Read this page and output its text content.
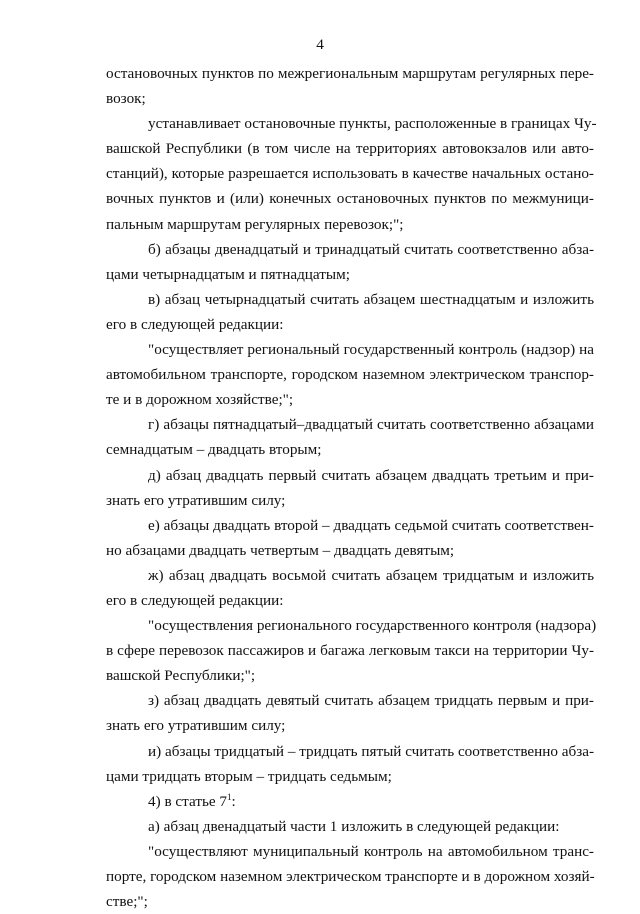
4
остановочных пунктов по межрегиональным маршрутам регулярных пере-
возок;
устанавливает остановочные пункты, расположенные в границах Чу-
вашской Республики (в том числе на территориях автовокзалов или авто-
станций), которые разрешается использовать в качестве начальных остано-
вочных пунктов и (или) конечных остановочных пунктов по межмуници-
пальным маршрутам регулярных перевозок;";
б) абзацы двенадцатый и тринадцатый считать соответственно абза-
цами четырнадцатым и пятнадцатым;
в) абзац четырнадцатый считать абзацем шестнадцатым и изложить
его в следующей редакции:
"осуществляет региональный государственный контроль (надзор) на
автомобильном транспорте, городском наземном электрическом транспор-
те и в дорожном хозяйстве;";
г) абзацы пятнадцатый–двадцатый считать соответственно абзацами
семнадцатым – двадцать вторым;
д) абзац двадцать первый считать абзацем двадцать третьим и при-
знать его утратившим силу;
е) абзацы двадцать второй – двадцать седьмой считать соответствен-
но абзацами двадцать четвертым – двадцать девятым;
ж) абзац двадцать восьмой считать абзацем тридцатым и изложить
его в следующей редакции:
"осуществления регионального государственного контроля (надзора)
в сфере перевозок пассажиров и багажа легковым такси на территории Чу-
вашской Республики;";
з) абзац двадцать девятый считать абзацем тридцать первым и при-
знать его утратившим силу;
и) абзацы тридцатый – тридцать пятый считать соответственно абза-
цами тридцать вторым – тридцать седьмым;
4) в статье $7^1$:
а) абзац двенадцатый части 1 изложить в следующей редакции:
"осуществляют муниципальный контроль на автомобильном транс-
порте, городском наземном электрическом транспорте и в дорожном хозяй-
стве;";
